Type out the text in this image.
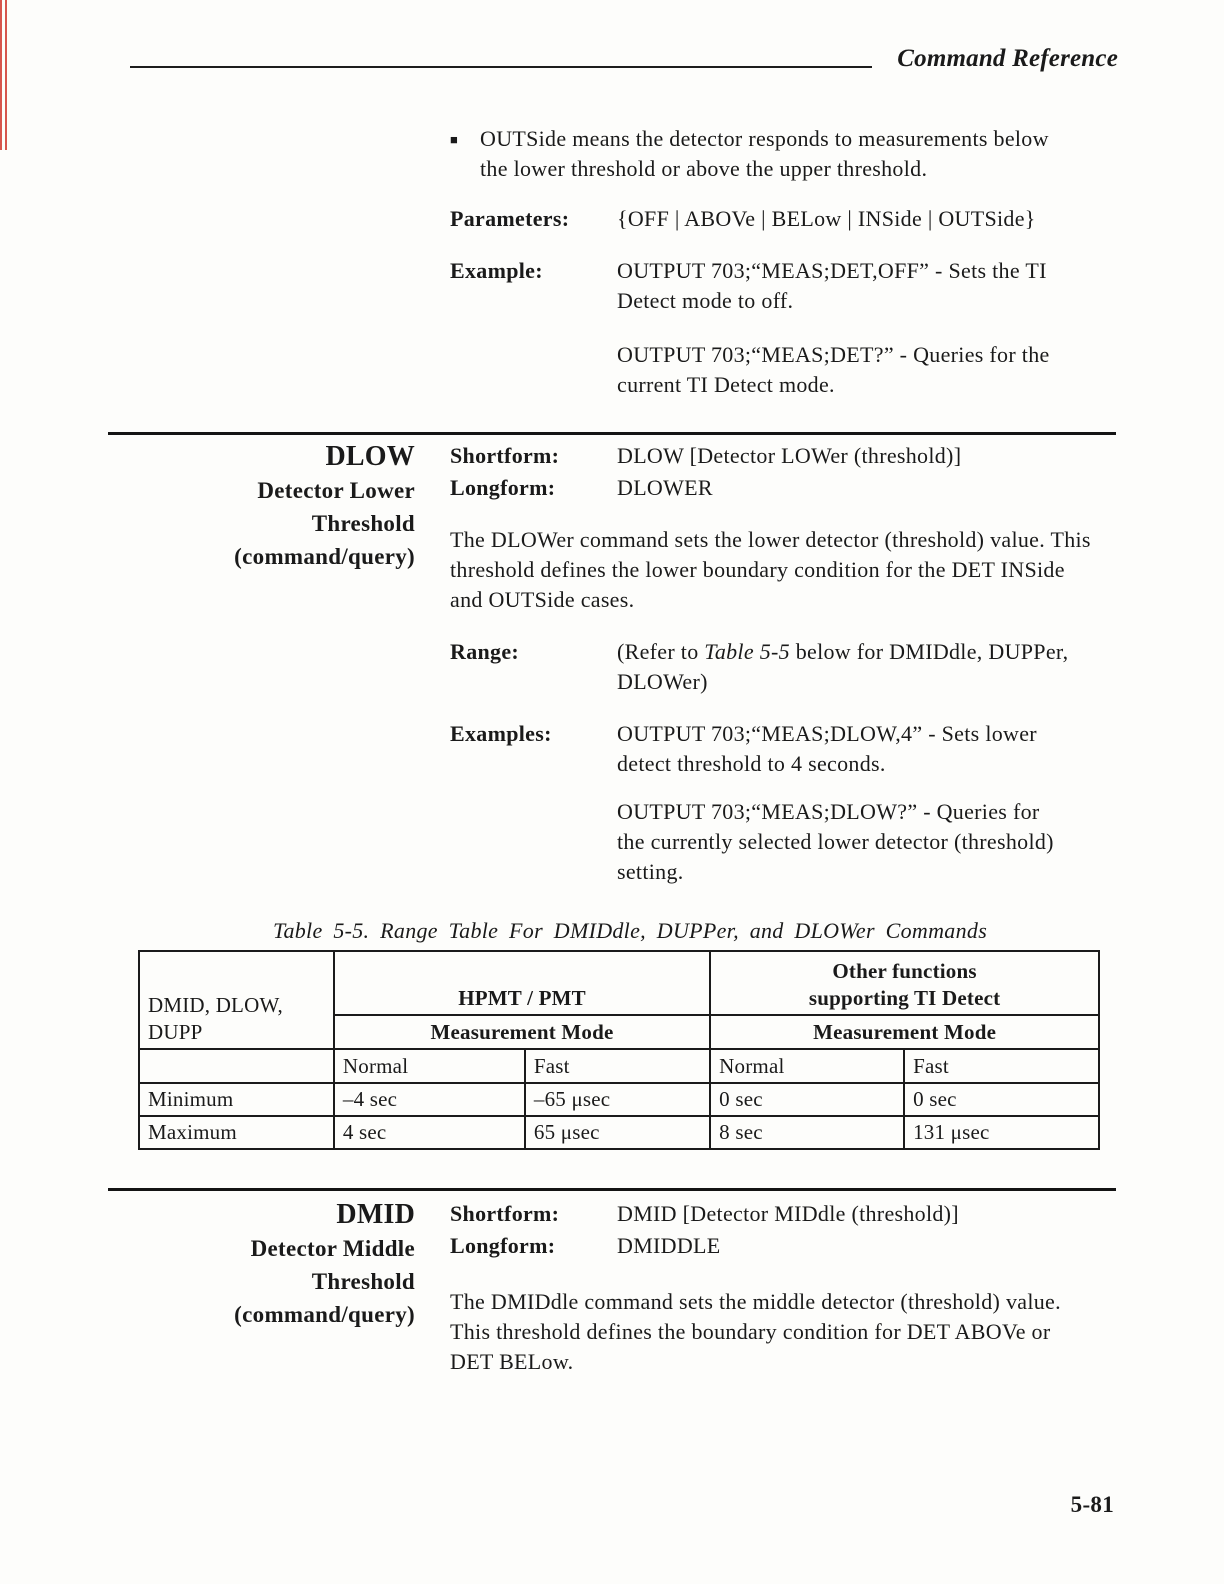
Command Reference
■ OUTSide means the detector responds to measurements below the lower threshold or above the upper threshold.
Parameters:	{OFF | ABOVe | BELow | INSide | OUTSide}
Example:	OUTPUT 703;“MEAS;DET,OFF” - Sets the TI Detect mode to off.
OUTPUT 703;“MEAS;DET?” - Queries for the current TI Detect mode.
DLOW
Detector Lower
Threshold
(command/query)
Shortform:	DLOW [Detector LOWer (threshold)]
Longform:	DLOWER
The DLOWer command sets the lower detector (threshold) value. This threshold defines the lower boundary condition for the DET INSide and OUTSide cases.
Range:	(Refer to Table 5-5 below for DMIDdle, DUPPer, DLOWer)
Examples:	OUTPUT 703;“MEAS;DLOW,4” - Sets lower detect threshold to 4 seconds.
OUTPUT 703;“MEAS;DLOW?” - Queries for the currently selected lower detector (threshold) setting.
Table 5-5. Range Table For DMIDdle, DUPPer, and DLOWer Commands
DMID, DLOW,
DUPP	HPMT / PMT		Other functions
supporting TI Detect	
	Measurement Mode		Measurement Mode	
	Normal	Fast	Normal	Fast
Minimum	–4 sec	–65 μsec	0 sec	0 sec
Maximum	4 sec	65 μsec	8 sec	131 μsec
DMID
Detector Middle
Threshold
(command/query)
Shortform:	DMID [Detector MIDdle (threshold)]
Longform:	DMIDDLE
The DMIDdle command sets the middle detector (threshold) value. This threshold defines the boundary condition for DET ABOVe or DET BELow.
5-81
